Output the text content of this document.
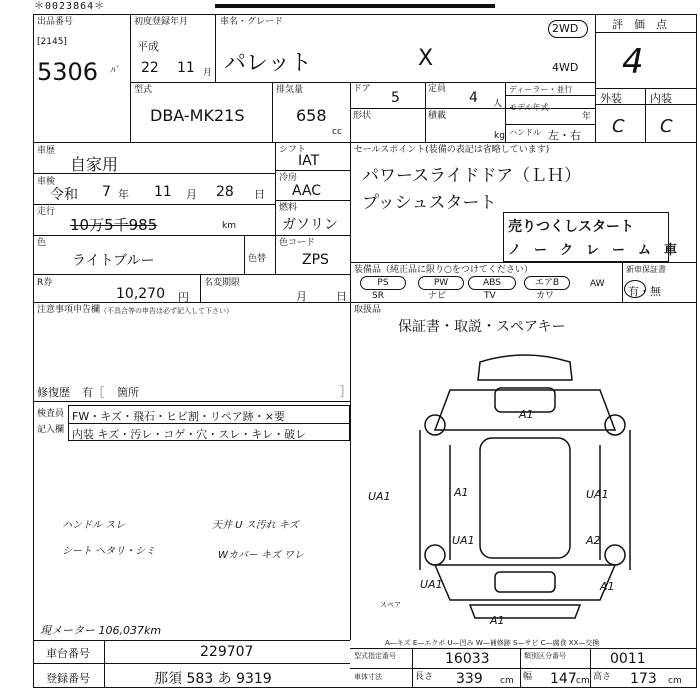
＊0023864＊
出品番号
[2145]
5306 ﾊﾞ
初度登録年月
平成
22 11 月
車名・グレード
パレット	X
2WD
4WD
評　価　点
4
外装	内装
C C
型式
DBA-MK21S
排気量
658
cc
ドア
5
定員
4 人
形状	積載
kg
ディーラー・並行
モデル年式
年
ハンドル 左・右
車歴
自家用
車検
令和 7 年 11 月 28 日
走行
10万5千985	km
シフト
IAT
冷房
AAC
燃料
ガソリン
色
ライトブルー	色替
色コード
ZPS
R券
10,270 円
名変期限
月	日
セールスポイント(装備の表記は省略しています)
パワースライドドア（ＬＨ）
プッシュスタート
売りつくしスタート
ノ　ー　ク　レ　ー　ム　車
装備品（純正品に限り○をつけてください）	新車保証書
有・無
PS	PW	ABS	エアB	AW
SR	ナビ	TV	カワ
注意事項申告欄 （不具合等の申告は必ず記入して下さい）	取扱品
保証書・取説・スペアキー
修復歴 有［ 箇所	］
検査員
記入欄
FW・キズ・飛石・ヒビ割・リペア跡・×要
内装 キズ・汚レ・コゲ・穴・スレ・キレ・破レ
ハンドル スレ
シート ヘタリ・シミ
天井 U ス汚れ キズ
Wカバー キズ ワレ
現メーター 106,037km
A1
UA1	A1	UA1
UA1	A2
A1
A1
UA1
スペア
A—キズ E—エクボ U—凹み W—補修跡 S—サビ C—腐食 XX—交換
車台番号	229707
登録番号	那須 583 あ 9319
型式指定番号	16033	類別区分番号	0011
車体寸法	長さ 339 cm 幅 147 cm 高さ 173 cm
